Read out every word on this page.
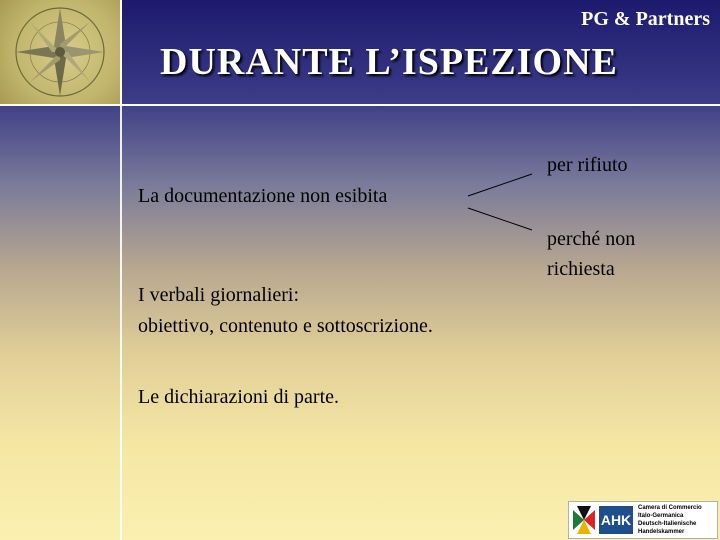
PG & Partners
DURANTE L’ISPEZIONE
per rifiuto
La documentazione non esibita
perché non
richiesta
I verbali giornalieri:
obiettivo, contenuto e sottoscrizione.
Le dichiarazioni di parte.
AHK
Camera di Commercio
Italo-Germanica
Deutsch-Italienische
Handelskammer
